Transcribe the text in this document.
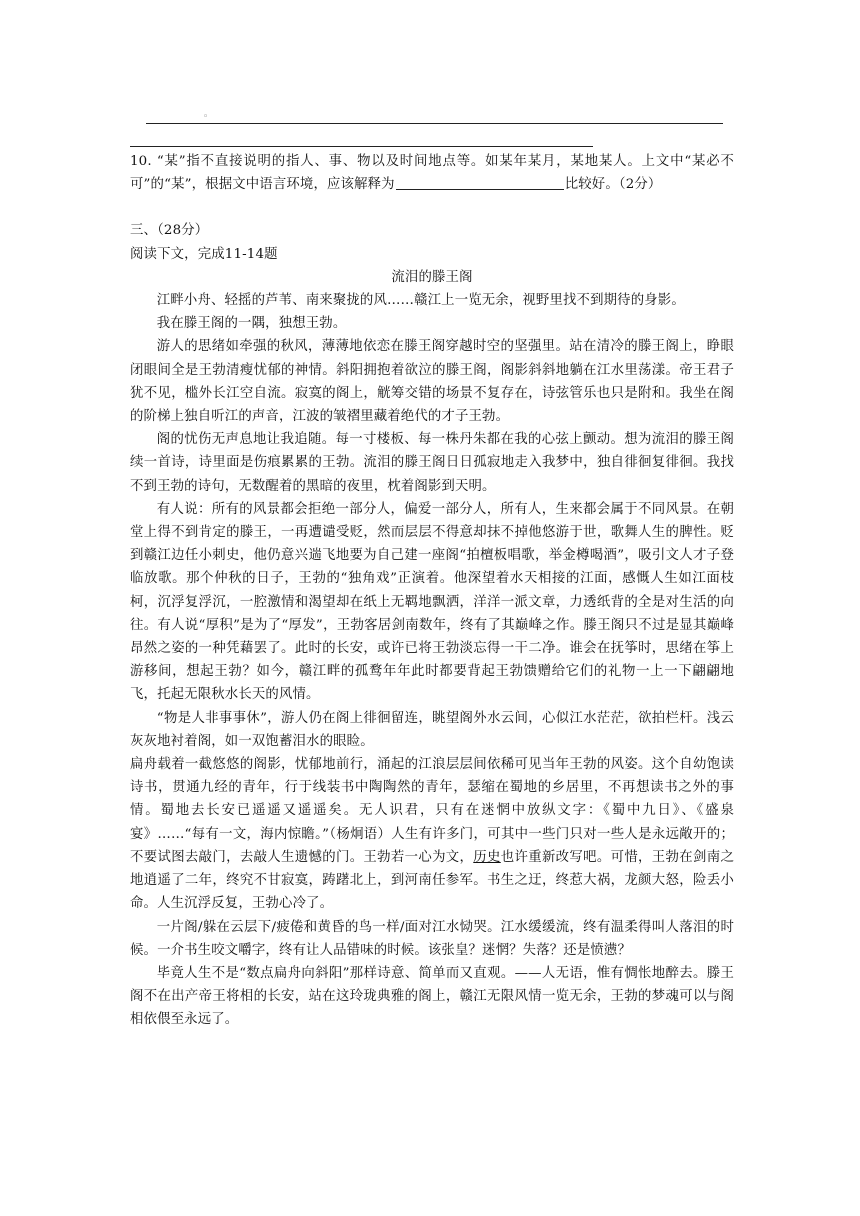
◦

10. “某”指不直接说明的指人、事、物以及时间地点等。如某年某月，某地某人。上文中“某必不可”的“某”，根据文中语言环境，应该解释为	比较好。（2分）

三、（28分）

阅读下文，完成11-14题

流泪的滕王阁

江畔小舟、轻摇的芦苇、南来聚拢的风……赣江上一览无余，视野里找不到期待的身影。

我在滕王阁的一隅，独想王勃。

游人的思绪如牵强的秋风，薄薄地依恋在滕王阁穿越时空的坚强里。站在清冷的滕王阁上，睁眼闭眼间全是王勃清瘦忧郁的神情。斜阳拥抱着欲泣的滕王阁，阁影斜斜地躺在江水里荡漾。帝王君子犹不见，槛外长江空自流。寂寞的阁上，觥筹交错的场景不复存在，诗弦管乐也只是附和。我坐在阁的阶梯上独自听江的声音，江波的皱褶里藏着绝代的才子王勃。

阁的忧伤无声息地让我追随。每一寸楼板、每一株丹朱都在我的心弦上颤动。想为流泪的滕王阁续一首诗，诗里面是伤痕累累的王勃。流泪的滕王阁日日孤寂地走入我梦中，独自徘徊复徘徊。我找不到王勃的诗句，无数醒着的黑暗的夜里，枕着阁影到天明。

有人说：所有的风景都会拒绝一部分人，偏爱一部分人，所有人，生来都会属于不同风景。在朝堂上得不到肯定的滕王，一再遭谴受贬，然而层层不得意却抹不掉他悠游于世，歌舞人生的脾性。贬到赣江边任小刺史，他仍意兴遄飞地要为自己建一座阁“拍檀板唱歌，举金樽喝酒”，吸引文人才子登临放歌。那个仲秋的日子，王勃的“独角戏”正演着。他深望着水天相接的江面，感慨人生如江面枝柯，沉浮复浮沉，一腔激情和渴望却在纸上无羁地飘洒，洋洋一派文章，力透纸背的全是对生活的向往。有人说“厚积”是为了“厚发”，王勃客居剑南数年，终有了其巅峰之作。滕王阁只不过是显其巅峰昂然之姿的一种凭藉罢了。此时的长安，或许已将王勃淡忘得一干二净。谁会在抚筝时，思绪在筝上游移间，想起王勃？如今，赣江畔的孤鹜年年此时都要背起王勃馈赠给它们的礼物一上一下翩翩地飞，托起无限秋水长天的风情。

“物是人非事事休”，游人仍在阁上徘徊留连，眺望阁外水云间，心似江水茫茫，欲拍栏杆。浅云灰灰地衬着阁，如一双饱蓄泪水的眼睑。

扁舟载着一截悠悠的阁影，忧郁地前行，涌起的江浪层层间依稀可见当年王勃的风姿。这个自幼饱读诗书，贯通九经的青年，行于线装书中陶陶然的青年，瑟缩在蜀地的乡居里，不再想读书之外的事情。蜀地去长安已遥遥又遥遥矣。无人识君，只有在迷惘中放纵文字：《蜀中九日》、《盛泉宴》……“每有一文，海内惊瞻。”（杨炯语）人生有许多门，可其中一些门只对一些人是永远敞开的；不要试图去敲门，去敲人生遗憾的门。王勃若一心为文，历史也许重新改写吧。可惜，王勃在剑南之地逍遥了二年，终究不甘寂寞，踌躇北上，到河南任参军。书生之迂，终惹大祸，龙颜大怒，险丢小命。人生沉浮反复，王勃心冷了。

一片阁/躲在云层下/疲倦和黄昏的鸟一样/面对江水恸哭。江水缓缓流，终有温柔得叫人落泪的时候。一介书生咬文嚼字，终有让人品错味的时候。该张皇？迷惘？失落？还是愤懑？

毕竟人生不是“数点扁舟向斜阳”那样诗意、简单而又直观。——人无语，惟有惆怅地醉去。滕王阁不在出产帝王将相的长安，站在这玲珑典雅的阁上，赣江无限风情一览无余，王勃的梦魂可以与阁相依偎至永远了。
